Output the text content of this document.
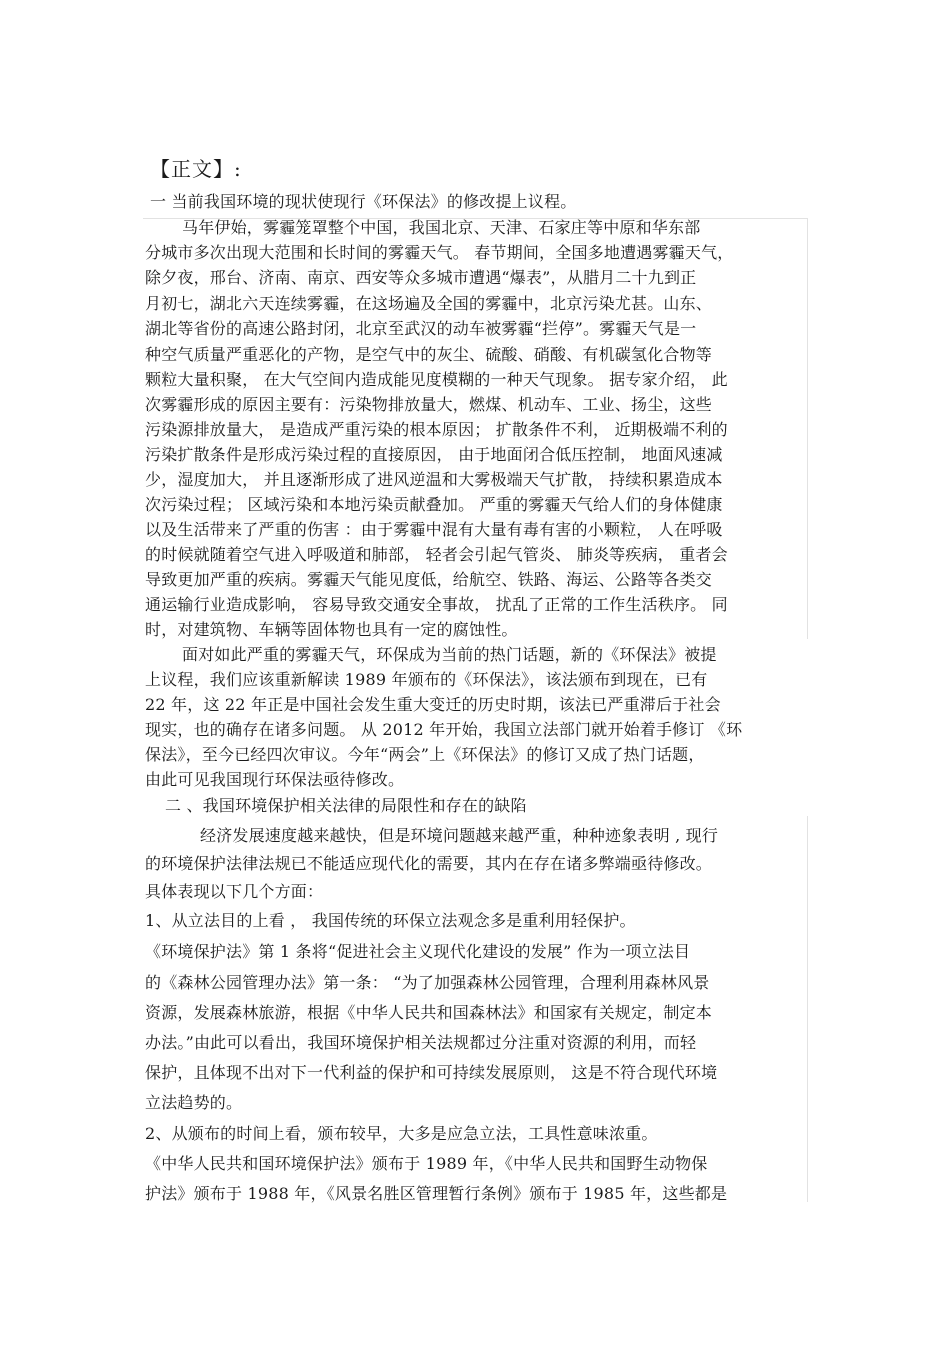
【正文】:
一 当前我国环境的现状使现行《环保法》的修改提上议程。
马年伊始，雾霾笼罩整个中国，我国北京、天津、石家庄等中原和华东部
分城市多次出现大范围和长时间的雾霾天气。 春节期间，全国多地遭遇雾霾天气，
除夕夜，邢台、济南、南京、西安等众多城市遭遇“爆表”，从腊月二十九到正
月初七，湖北六天连续雾霾，在这场遍及全国的雾霾中，北京污染尤甚。山东、
湖北等省份的高速公路封闭，北京至武汉的动车被雾霾“拦停”。雾霾天气是一
种空气质量严重恶化的产物，是空气中的灰尘、硫酸、硝酸、有机碳氢化合物等
颗粒大量积聚， 在大气空间内造成能见度模糊的一种天气现象。 据专家介绍， 此
次雾霾形成的原因主要有：污染物排放量大，燃煤、机动车、工业、扬尘，这些
污染源排放量大， 是造成严重污染的根本原因； 扩散条件不利， 近期极端不利的
污染扩散条件是形成污染过程的直接原因， 由于地面闭合低压控制， 地面风速减
少，湿度加大， 并且逐渐形成了进风逆温和大雾极端天气扩散， 持续积累造成本
次污染过程； 区域污染和本地污染贡献叠加。 严重的雾霾天气给人们的身体健康
以及生活带来了严重的伤害 ：由于雾霾中混有大量有毒有害的小颗粒， 人在呼吸
的时候就随着空气进入呼吸道和肺部， 轻者会引起气管炎、 肺炎等疾病， 重者会
导致更加严重的疾病。雾霾天气能见度低，给航空、铁路、海运、公路等各类交
通运输行业造成影响， 容易导致交通安全事故， 扰乱了正常的工作生活秩序。 同
时，对建筑物、车辆等固体物也具有一定的腐蚀性。
面对如此严重的雾霾天气，环保成为当前的热门话题，新的《环保法》被提
上议程，我们应该重新解读 1989 年颁布的《环保法》，该法颁布到现在，已有
22 年，这 22 年正是中国社会发生重大变迁的历史时期，该法已严重滞后于社会
现实，也的确存在诸多问题。 从 2012 年开始，我国立法部门就开始着手修订 《环
保法》，至今已经四次审议。今年“两会”上《环保法》的修订又成了热门话题，
由此可见我国现行环保法亟待修改。
二 、我国环境保护相关法律的局限性和存在的缺陷
经济发展速度越来越快，但是环境问题越来越严重，种种迹象表明 , 现行
的环境保护法律法规已不能适应现代化的需要，其内在存在诸多弊端亟待修改。
具体表现以下几个方面：
1、从立法目的上看 ， 我国传统的环保立法观念多是重利用轻保护。
《环境保护法》第 1 条将“促进社会主义现代化建设的发展” 作为一项立法目
的《森林公园管理办法》第一条： “为了加强森林公园管理，合理利用森林风景
资源，发展森林旅游，根据《中华人民共和国森林法》和国家有关规定，制定本
办法。”由此可以看出，我国环境保护相关法规都过分注重对资源的利用，而轻
保护，且体现不出对下一代利益的保护和可持续发展原则， 这是不符合现代环境
立法趋势的。
2、从颁布的时间上看，颁布较早，大多是应急立法，工具性意味浓重。
《中华人民共和国环境保护法》颁布于 1989 年，《中华人民共和国野生动物保
护法》颁布于 1988 年，《风景名胜区管理暂行条例》颁布于 1985 年，这些都是
